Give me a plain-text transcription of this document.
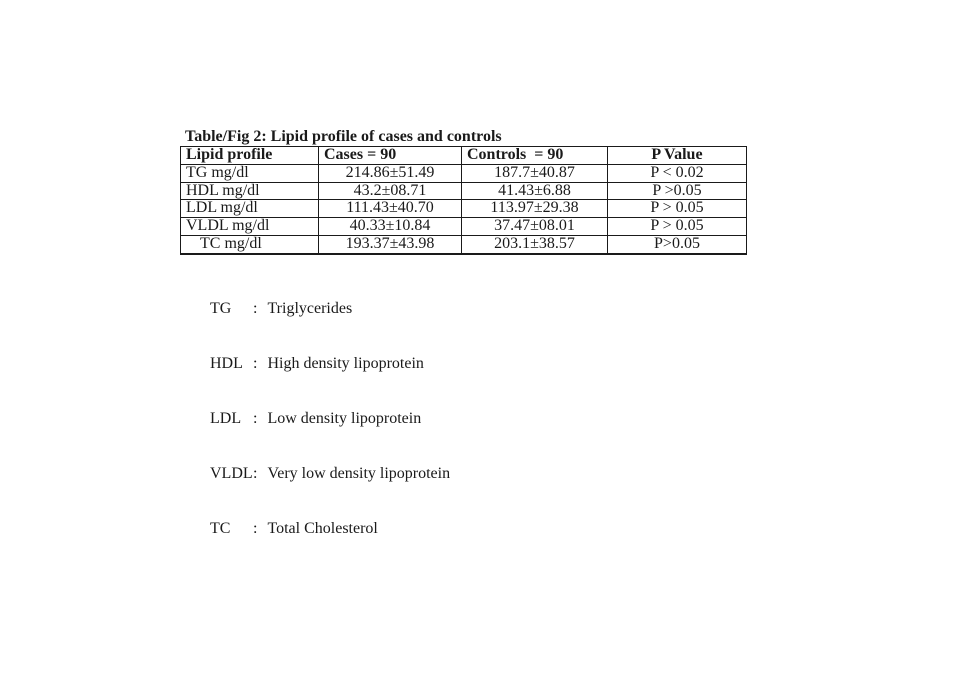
Table/Fig 2: Lipid profile of cases and controls
Lipid profile	Cases = 90	Controls  = 90	P Value
TG mg/dl	214.86±51.49	187.7±40.87	P < 0.02
HDL mg/dl	43.2±08.71	41.43±6.88	P >0.05
LDL mg/dl	111.43±40.70	113.97±29.38	P > 0.05
VLDL mg/dl	40.33±10.84	37.47±08.01	P > 0.05
TC mg/dl	193.37±43.98	203.1±38.57	P>0.05

TG : Triglycerides

HDL : High density lipoprotein

LDL : Low density lipoprotein

VLDL: Very low density lipoprotein

TC : Total Cholesterol
